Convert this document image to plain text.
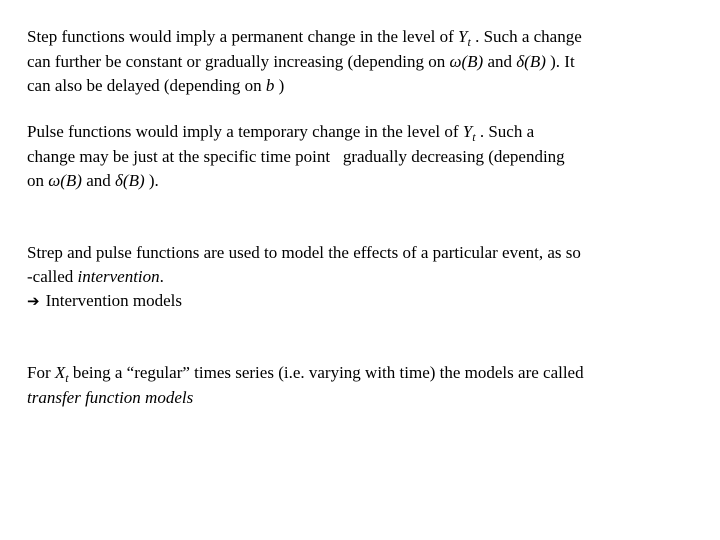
Step functions would imply a permanent change in the level of $Y_t$ . Such a change
can further be constant or gradually increasing (depending on ω(B) and δ(B) ). It
can also be delayed (depending on b )
Pulse functions would imply a temporary change in the level of $Y_t$ . Such a
change may be just at the specific time point   gradually decreasing (depending
on ω(B) and δ(B) ).
Strep and pulse functions are used to model the effects of a particular event, as so
-called intervention.
➔ Intervention models
For $X_t$ being a “regular” times series (i.e. varying with time) the models are called
transfer function models
